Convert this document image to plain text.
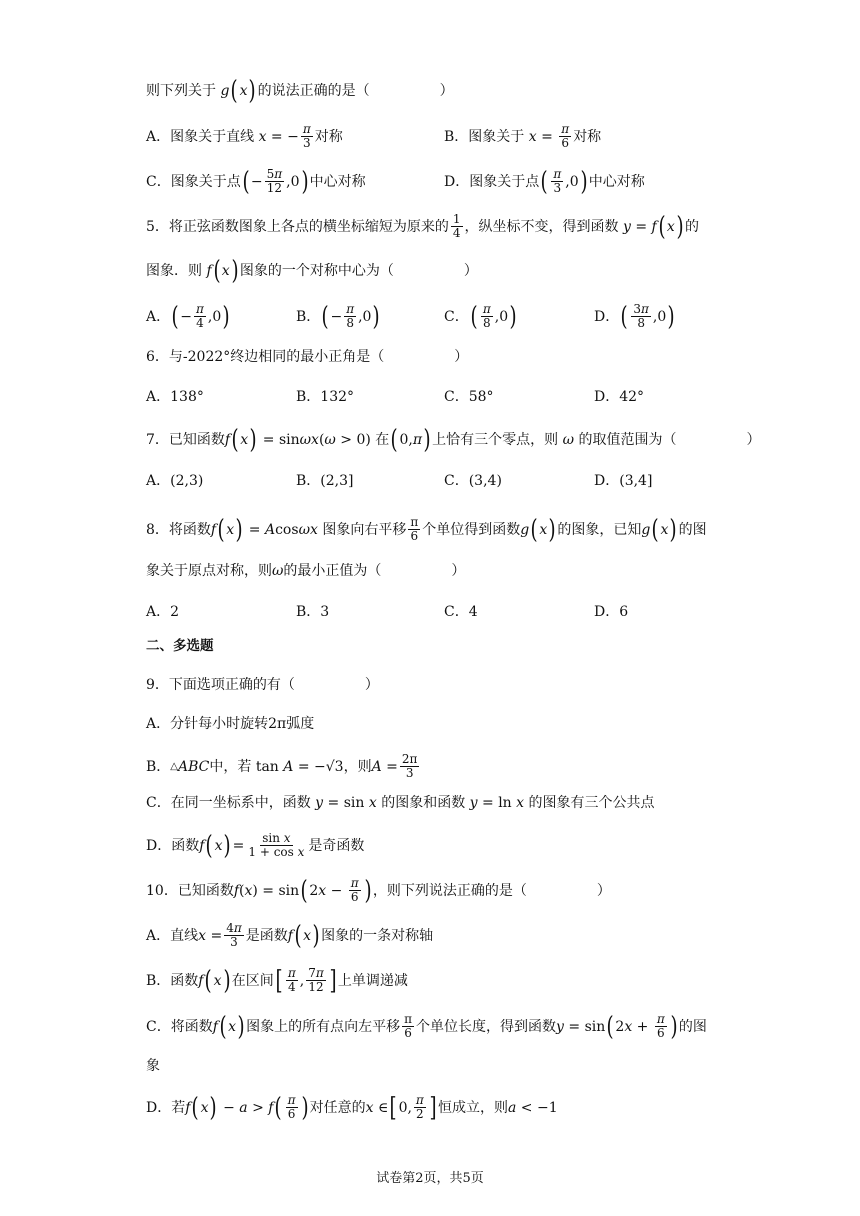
则下列关于 g ( x ) 的说法正确的是（	）
A． 图象关于直线 x = − $\frac{\pi}{3}$ 对称	B． 图象关于 $x = \frac{\pi}{6}$ 对称
C． 图象关于点 ( − $\frac{5\pi}{12} ,0$ ) 中心对称	D． 图象关于点 ( $\frac{\pi}{3} ,0$ ) 中心对称
5．将正弦函数图象上各点的横坐标缩短为原来的 $\frac{1}{4}$ ，纵坐标不变，得到函数 y = f ( x ) 的
图象．则 f ( x ) 图象的一个对称中心为（	）
A． ( − $\frac{\pi}{4} ,0$ )	B． ( − $\frac{\pi}{8} ,0$ )	C． ( $\frac{\pi}{8} ,0$ )	D． ( $\frac{3\pi}{8} ,0$ )
6．与-2022°终边相同的最小正角是（	）
A． 138°	B． 132°	C． 58°	D． 42°
7．已知函数 f ( x ) = sin ωx ( ω > 0) 在 ( 0, π ) 上恰有三个零点，则 ω 的取值范围为（	）
A． (2,3)	B． (2,3]	C． (3,4)	D． (3,4]
8．将函数 f ( x ) = A cos ωx
图象向右平移 $\frac{\pi}{6}$ 个单位得到函数 g ( x ) 的图象，已知 g ( x ) 的图
象关于原点对称，则 ω 的最小正值为（	）
A． 2	B． 3	C． 4	D． 6
二、多选题
9．下面选项正确的有（	）
A．分针每小时旋转2π弧度
B． △ ABC 中，若 tan A = −√3 ，则 $A = \frac{2\pi}{3}$
C．在同一坐标系中，函数 y = sin x
的图象和函数 y = ln x
的图象有三个公共点
D．函数 f ( x ) = $\frac{\text{sin x}}{\text{1 + cos x}}$ 是奇函数
10．已知函数 f ( x ) = sin ( 2 $x - \frac{\pi}{6}$ ) ，则下列说法正确的是（	）
A．直线 $x = \frac{4\pi}{3}$ 是函数 f ( x ) 图象的一条对称轴
B．函数 f ( x ) 在区间 [ $\frac{\pi}{4}$ , $\frac{7\pi}{12}$ ] 上单调递减
C．将函数 f ( x ) 图象上的所有点向左平移 $\frac{\pi}{6}$ 个单位长度，得到函数 y = sin ( 2 $x + \frac{\pi}{6}$ ) 的图
象
D．若 f ( x ) − a > f ( $\frac{\pi}{6}$ ) 对任意的 x ∈ [ 0, $\frac{\pi}{2}$ ] 恒成立，则 a < −1
试卷第2页，共5页
